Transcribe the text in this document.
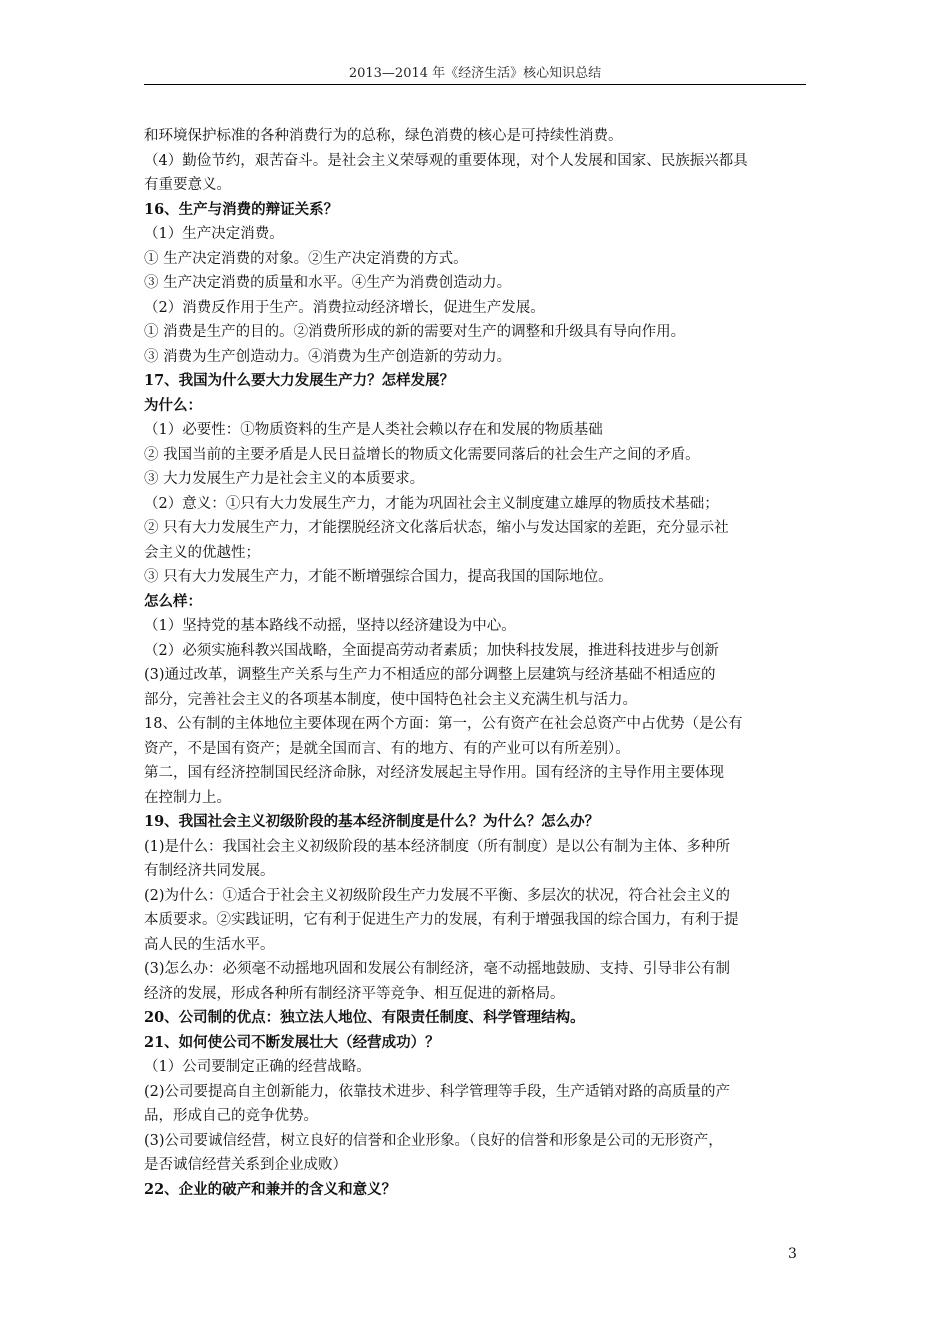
2013—2014 年《经济生活》核心知识总结
和环境保护标准的各种消费行为的总称，绿色消费的核心是可持续性消费。
（4）勤俭节约，艰苦奋斗。是社会主义荣辱观的重要体现，对个人发展和国家、民族振兴都具
有重要意义。
16、生产与消费的辩证关系？
（1）生产决定消费。
① 生产决定消费的对象。②生产决定消费的方式。
③ 生产决定消费的质量和水平。④生产为消费创造动力。
（2）消费反作用于生产。消费拉动经济增长，促进生产发展。
① 消费是生产的目的。②消费所形成的新的需要对生产的调整和升级具有导向作用。
③ 消费为生产创造动力。④消费为生产创造新的劳动力。
17、我国为什么要大力发展生产力？怎样发展？
为什么：
（1）必要性：①物质资料的生产是人类社会赖以存在和发展的物质基础
② 我国当前的主要矛盾是人民日益增长的物质文化需要同落后的社会生产之间的矛盾。
③ 大力发展生产力是社会主义的本质要求。
（2）意义：①只有大力发展生产力，才能为巩固社会主义制度建立雄厚的物质技术基础；
② 只有大力发展生产力，才能摆脱经济文化落后状态，缩小与发达国家的差距，充分显示社
会主义的优越性；
③ 只有大力发展生产力，才能不断增强综合国力，提高我国的国际地位。
怎么样：
（1）坚持党的基本路线不动摇，坚持以经济建设为中心。
（2）必须实施科教兴国战略，全面提高劳动者素质；加快科技发展，推进科技进步与创新
(3)通过改革，调整生产关系与生产力不相适应的部分调整上层建筑与经济基础不相适应的
部分，完善社会主义的各项基本制度，使中国特色社会主义充满生机与活力。
18、公有制的主体地位主要体现在两个方面：第一，公有资产在社会总资产中占优势（是公有
资产，不是国有资产；是就全国而言、有的地方、有的产业可以有所差别）。
第二，国有经济控制国民经济命脉，对经济发展起主导作用。国有经济的主导作用主要体现
在控制力上。
19、我国社会主义初级阶段的基本经济制度是什么？为什么？怎么办？
(1)是什么：我国社会主义初级阶段的基本经济制度（所有制度）是以公有制为主体、多种所
有制经济共同发展。
(2)为什么：①适合于社会主义初级阶段生产力发展不平衡、多层次的状况，符合社会主义的
本质要求。②实践证明，它有利于促进生产力的发展，有利于增强我国的综合国力，有利于提
高人民的生活水平。
(3)怎么办：必须毫不动摇地巩固和发展公有制经济，毫不动摇地鼓励、支持、引导非公有制
经济的发展，形成各种所有制经济平等竞争、相互促进的新格局。
20、公司制的优点：独立法人地位、有限责任制度、科学管理结构。
21、如何使公司不断发展壮大（经营成功）？
（1）公司要制定正确的经营战略。
(2)公司要提高自主创新能力，依靠技术进步、科学管理等手段，生产适销对路的高质量的产
品，形成自己的竞争优势。
(3)公司要诚信经营，树立良好的信誉和企业形象。（良好的信誉和形象是公司的无形资产，
是否诚信经营关系到企业成败）
22、企业的破产和兼并的含义和意义？
3
